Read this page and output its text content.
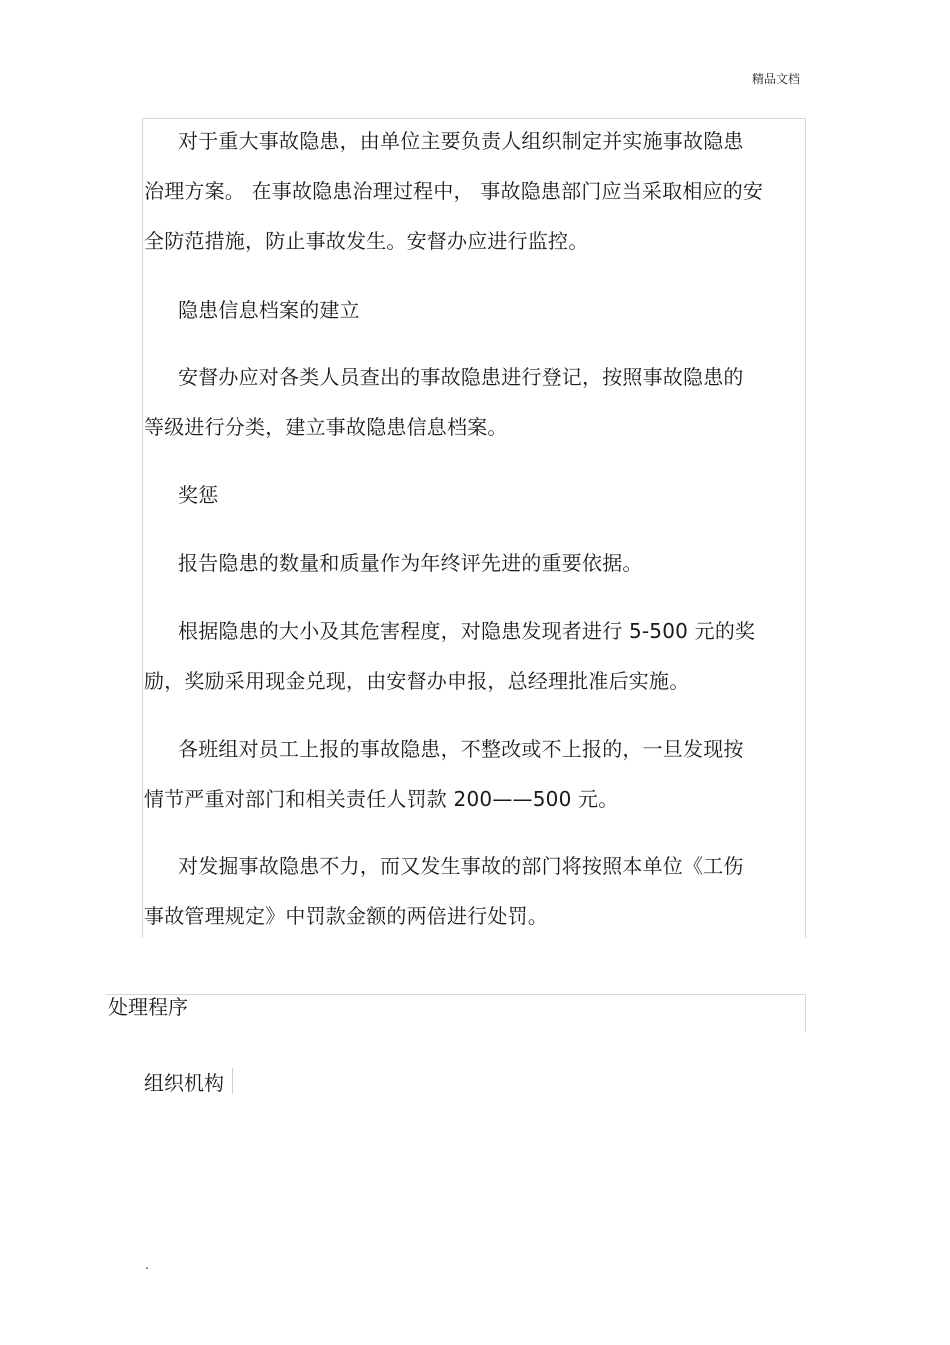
精品文档
对于重大事故隐患，由单位主要负责人组织制定并实施事故隐患
治理方案。 在事故隐患治理过程中， 事故隐患部门应当采取相应的安
全防范措施，防止事故发生。安督办应进行监控。
隐患信息档案的建立
安督办应对各类人员查出的事故隐患进行登记，按照事故隐患的
等级进行分类，建立事故隐患信息档案。
奖惩
报告隐患的数量和质量作为年终评先进的重要依据。
根据隐患的大小及其危害程度，对隐患发现者进行 5-500 元的奖
励，奖励采用现金兑现，由安督办申报，总经理批准后实施。
各班组对员工上报的事故隐患，不整改或不上报的，一旦发现按
情节严重对部门和相关责任人罚款 200——500 元。
对发掘事故隐患不力，而又发生事故的部门将按照本单位《工伤
事故管理规定》中罚款金额的两倍进行处罚。
处理程序
组织机构
.
